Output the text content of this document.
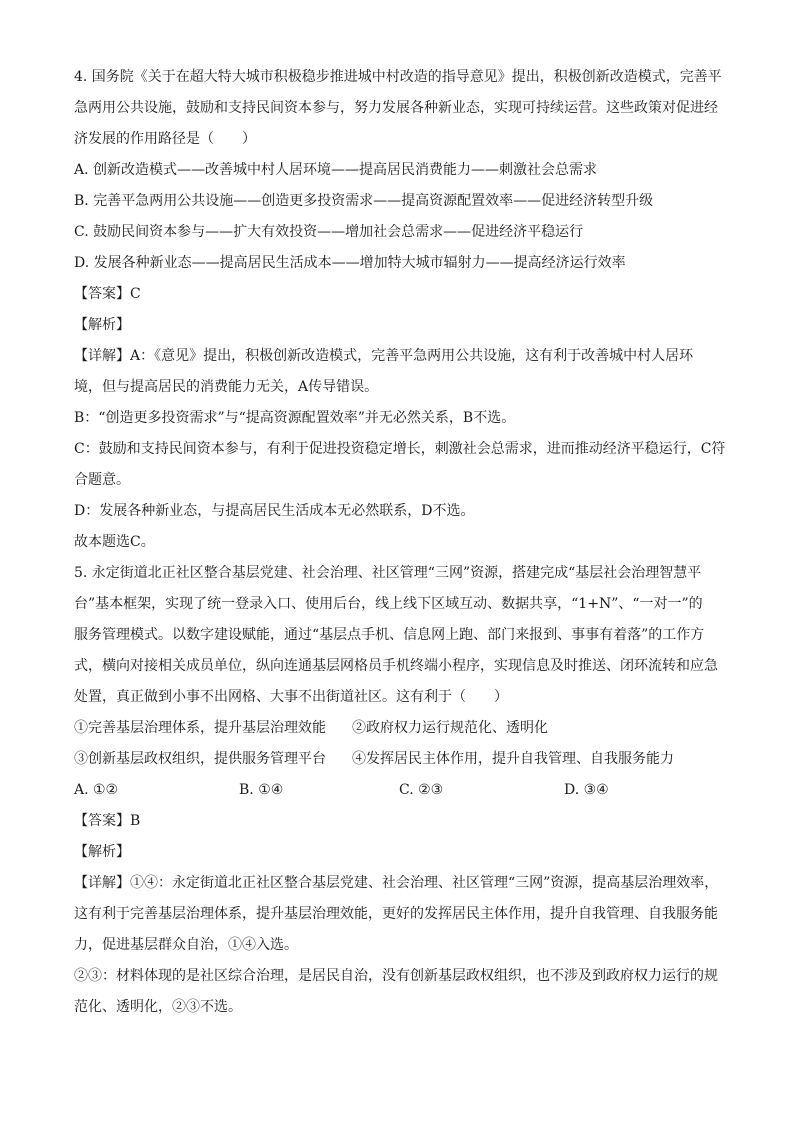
4. 国务院《关于在超大特大城市积极稳步推进城中村改造的指导意见》提出，积极创新改造模式，完善平

急两用公共设施，鼓励和支持民间资本参与，努力发展各种新业态，实现可持续运营。这些政策对促进经

济发展的作用路径是（　　）

A. 创新改造模式——改善城中村人居环境——提高居民消费能力——刺激社会总需求

B. 完善平急两用公共设施——创造更多投资需求——提高资源配置效率——促进经济转型升级

C. 鼓励民间资本参与——扩大有效投资——增加社会总需求——促进经济平稳运行

D. 发展各种新业态——提高居民生活成本——增加特大城市辐射力——提高经济运行效率

【答案】C

【解析】

【详解】A：《意见》提出，积极创新改造模式，完善平急两用公共设施，这有利于改善城中村人居环

境，但与提高居民的消费能力无关，A传导错误。

B：“创造更多投资需求”与“提高资源配置效率”并无必然关系，B不选。

C：鼓励和支持民间资本参与，有利于促进投资稳定增长，刺激社会总需求，进而推动经济平稳运行，C符

合题意。

D：发展各种新业态，与提高居民生活成本无必然联系，D不选。

故本题选C。

5. 永定街道北正社区整合基层党建、社会治理、社区管理“三网”资源，搭建完成“基层社会治理智慧平

台”基本框架，实现了统一登录入口、使用后台，线上线下区域互动、数据共享，“1+N”、“一对一”的

服务管理模式。以数字建设赋能，通过“基层点手机、信息网上跑、部门来报到、事事有着落”的工作方

式，横向对接相关成员单位，纵向连通基层网格员手机终端小程序，实现信息及时推送、闭环流转和应急

处置，真正做到小事不出网格、大事不出街道社区。这有利于（　　）

①完善基层治理体系，提升基层治理效能	②政府权力运行规范化、透明化
③创新基层政权组织，提供服务管理平台	④发挥居民主体作用，提升自我管理、自我服务能力
A. ①②	B. ①④	C. ②③	D. ③④

【答案】B

【解析】

【详解】①④：永定街道北正社区整合基层党建、社会治理、社区管理“三网”资源，提高基层治理效率，

这有利于完善基层治理体系，提升基层治理效能，更好的发挥居民主体作用，提升自我管理、自我服务能

力，促进基层群众自治，①④入选。

②③：材料体现的是社区综合治理，是居民自治，没有创新基层政权组织，也不涉及到政府权力运行的规

范化、透明化，②③不选。
